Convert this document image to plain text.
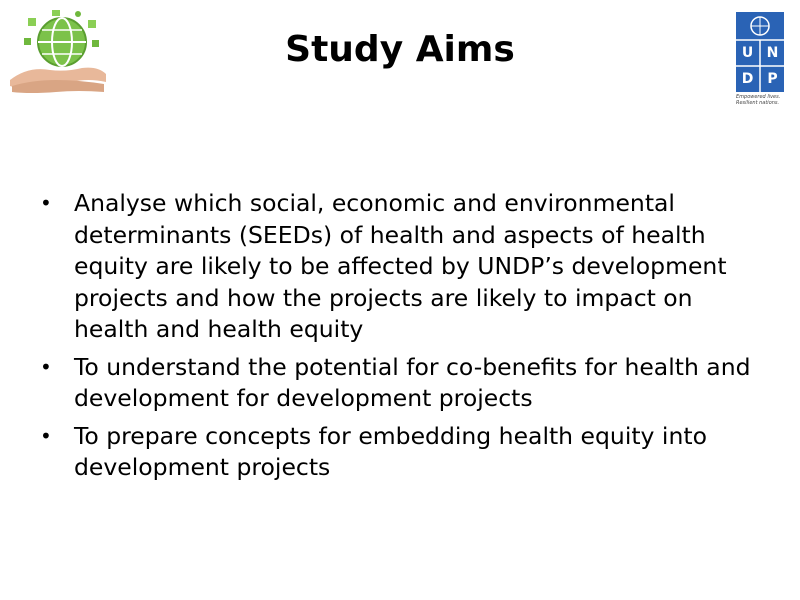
Study Aims	U N
D	P
Empowered lives. Resilient nations.
• Analyse which social, economic and environmental determinants (SEEDs) of health and aspects of health equity are likely to be affected by UNDP’s development projects and how the projects are likely to impact on health and health equity
• To understand the potential for co-benefits for health and development for development projects
• To prepare concepts for embedding health equity into development projects
